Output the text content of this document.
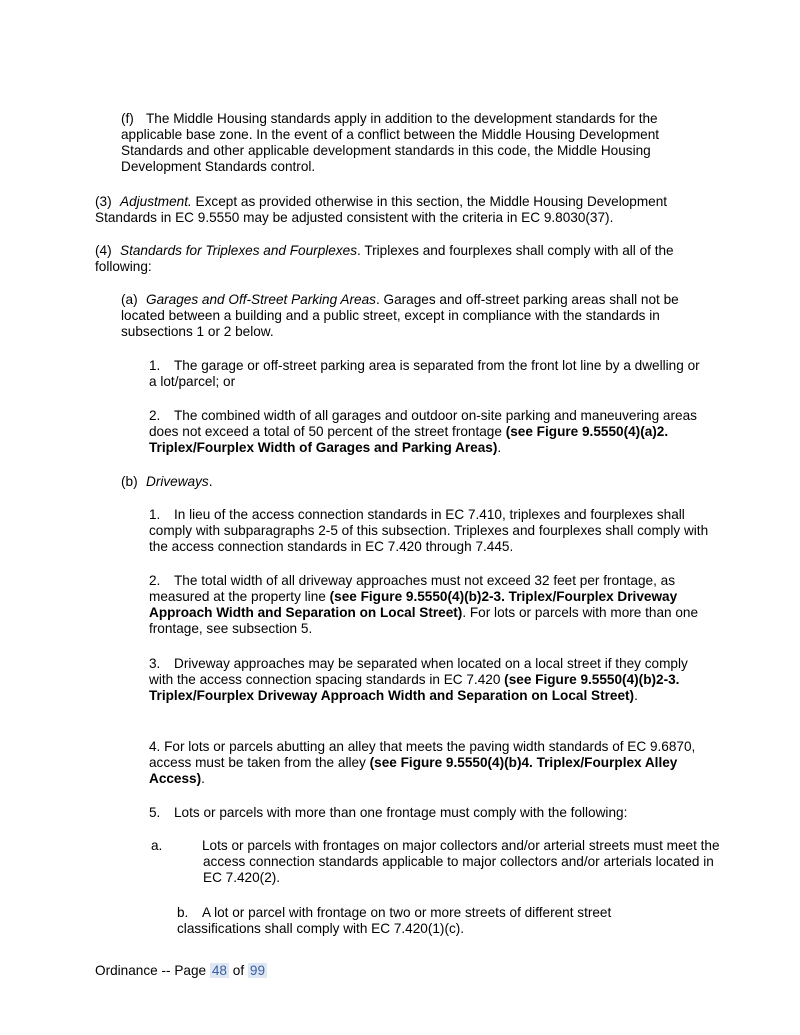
(f) The Middle Housing standards apply in addition to the development standards for the applicable base zone. In the event of a conflict between the Middle Housing Development Standards and other applicable development standards in this code, the Middle Housing Development Standards control.

(3) Adjustment. Except as provided otherwise in this section, the Middle Housing Development Standards in EC 9.5550 may be adjusted consistent with the criteria in EC 9.8030(37).

(4) Standards for Triplexes and Fourplexes. Triplexes and fourplexes shall comply with all of the following:

(a) Garages and Off-Street Parking Areas. Garages and off-street parking areas shall not be located between a building and a public street, except in compliance with the standards in subsections 1 or 2 below.

1. The garage or off-street parking area is separated from the front lot line by a dwelling or a lot/parcel; or

2. The combined width of all garages and outdoor on-site parking and maneuvering areas does not exceed a total of 50 percent of the street frontage (see Figure 9.5550(4)(a)2. Triplex/Fourplex Width of Garages and Parking Areas).

(b) Driveways.

1. In lieu of the access connection standards in EC 7.410, triplexes and fourplexes shall comply with subparagraphs 2-5 of this subsection. Triplexes and fourplexes shall comply with the access connection standards in EC 7.420 through 7.445.

2. The total width of all driveway approaches must not exceed 32 feet per frontage, as measured at the property line (see Figure 9.5550(4)(b)2-3. Triplex/Fourplex Driveway Approach Width and Separation on Local Street). For lots or parcels with more than one frontage, see subsection 5.

3. Driveway approaches may be separated when located on a local street if they comply with the access connection spacing standards in EC 7.420 (see Figure 9.5550(4)(b)2-3. Triplex/Fourplex Driveway Approach Width and Separation on Local Street).

4. For lots or parcels abutting an alley that meets the paving width standards of EC 9.6870, access must be taken from the alley (see Figure 9.5550(4)(b)4. Triplex/Fourplex Alley Access).

5. Lots or parcels with more than one frontage must comply with the following:

a.	Lots or parcels with frontages on major collectors and/or arterial streets must meet the access connection standards applicable to major collectors and/or arterials located in EC 7.420(2).

b. A lot or parcel with frontage on two or more streets of different street classifications shall comply with EC 7.420(1)(c).

Ordinance -- Page 48 of 99
